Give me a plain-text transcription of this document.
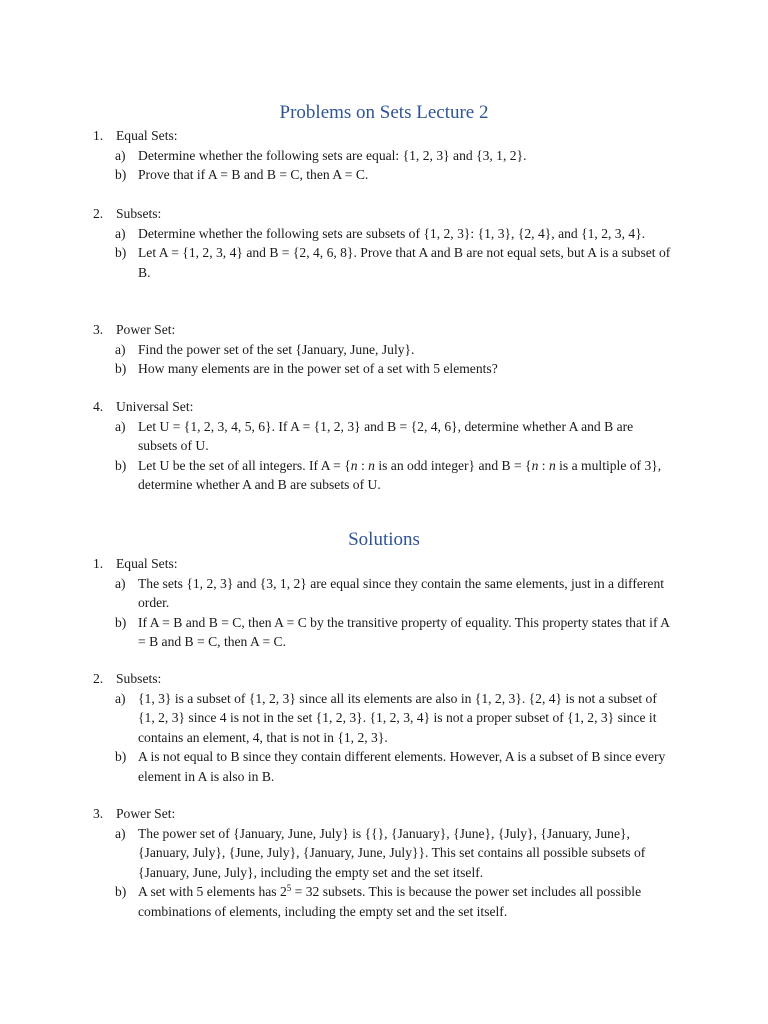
Problems on Sets Lecture 2
1. Equal Sets:
a) Determine whether the following sets are equal: {1, 2, 3} and {3, 1, 2}.
b) Prove that if A = B and B = C, then A = C.
2. Subsets:
a) Determine whether the following sets are subsets of {1, 2, 3}: {1, 3}, {2, 4}, and {1, 2, 3, 4}.
b) Let A = {1, 2, 3, 4} and B = {2, 4, 6, 8}. Prove that A and B are not equal sets, but A is a subset of B.
3. Power Set:
a) Find the power set of the set {January, June, July}.
b) How many elements are in the power set of a set with 5 elements?
4. Universal Set:
a) Let U = {1, 2, 3, 4, 5, 6}. If A = {1, 2, 3} and B = {2, 4, 6}, determine whether A and B are subsets of U.
b) Let U be the set of all integers. If A = {n : n is an odd integer} and B = {n : n is a multiple of 3}, determine whether A and B are subsets of U.
Solutions
1. Equal Sets:
a) The sets {1, 2, 3} and {3, 1, 2} are equal since they contain the same elements, just in a different order.
b) If A = B and B = C, then A = C by the transitive property of equality. This property states that if A = B and B = C, then A = C.
2. Subsets:
a) {1, 3} is a subset of {1, 2, 3} since all its elements are also in {1, 2, 3}. {2, 4} is not a subset of {1, 2, 3} since 4 is not in the set {1, 2, 3}. {1, 2, 3, 4} is not a proper subset of {1, 2, 3} since it contains an element, 4, that is not in {1, 2, 3}.
b) A is not equal to B since they contain different elements. However, A is a subset of B since every element in A is also in B.
3. Power Set:
a) The power set of {January, June, July} is {{}, {January}, {June}, {July}, {January, June}, {January, July}, {June, July}, {January, June, July}}. This set contains all possible subsets of {January, June, July}, including the empty set and the set itself.
b) A set with 5 elements has $2^5 = 32$ subsets. This is because the power set includes all possible combinations of elements, including the empty set and the set itself.
